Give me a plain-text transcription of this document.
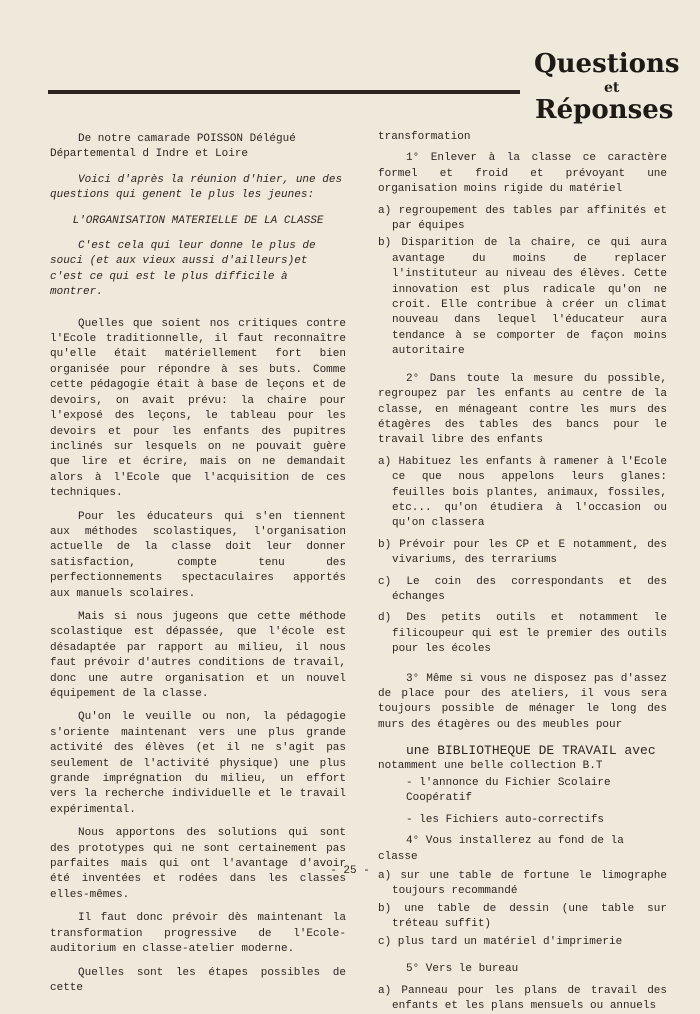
Questions
et
Réponses

De notre camarade POISSON Délégué Départemental d Indre et Loire

Voici d'après la réunion d'hier, une des questions qui genent le plus les jeunes:

L'ORGANISATION MATERIELLE DE LA CLASSE

C'est cela qui leur donne le plus de souci (et aux vieux aussi d'ailleurs)et c'est ce qui est le plus difficile à montrer.

Quelles que soient nos critiques contre l'Ecole traditionnelle, il faut reconnaître qu'elle était matériellement fort bien organisée pour répondre à ses buts. Comme cette pédagogie était à base de leçons et de devoirs, on avait prévu: la chaire pour l'exposé des leçons, le tableau pour les devoirs et pour les enfants des pupitres inclinés sur lesquels on ne pouvait guère que lire et écrire, mais on ne demandait alors à l'Ecole que l'acquisition de ces techniques.

Pour les éducateurs qui s'en tiennent aux méthodes scolastiques, l'organisation actuelle de la classe doit leur donner satisfaction, compte tenu des perfectionnements spectaculaires apportés aux manuels scolaires.

Mais si nous jugeons que cette méthode scolastique est dépassée, que l'école est désadaptée par rapport au milieu, il nous faut prévoir d'autres conditions de travail, donc une autre organisation et un nouvel équipement de la classe.

Qu'on le veuille ou non, la pédagogie s'oriente maintenant vers une plus grande activité des élèves (et il ne s'agit pas seulement de l'activité physique) une plus grande imprégnation du milieu, un effort vers la recherche individuelle et le travail expérimental.

Nous apportons des solutions qui sont des prototypes qui ne sont certainement pas parfaites mais qui ont l'avantage d'avoir été inventées et rodées dans les classes elles-mêmes.

Il faut donc prévoir dès maintenant la transformation progressive de l'Ecole-auditorium en classe-atelier moderne.

Quelles sont les étapes possibles de cette

transformation

1° Enlever à la classe ce caractère formel et froid et prévoyant une organisation moins rigide du matériel

a) regroupement des tables par affinités et par équipes

b) Disparition de la chaire, ce qui aura avantage du moins de replacer l'instituteur au niveau des élèves. Cette innovation est plus radicale qu'on ne croit. Elle contribue à créer un climat nouveau dans lequel l'éducateur aura tendance à se comporter de façon moins autoritaire

2° Dans toute la mesure du possible, regroupez par les enfants au centre de la classe, en ménageant contre les murs des étagères des tables des bancs pour le travail libre des enfants

a) Habituez les enfants à ramener à l'Ecole ce que nous appelons leurs glanes: feuilles bois plantes, animaux, fossiles, etc... qu'on étudiera à l'occasion ou qu'on classera

b) Prévoir pour les CP et E notamment, des vivariums, des terrariums

c) Le coin des correspondants et des échanges

d) Des petits outils et notamment le filicoupeur qui est le premier des outils pour les écoles

3° Même si vous ne disposez pas d'assez de place pour des ateliers, il vous sera toujours possible de ménager le long des murs des étagères ou des meubles pour

une BIBLIOTHEQUE DE TRAVAIL avec

notamment une belle collection B.T

- l'annonce du Fichier Scolaire Coopératif

- les Fichiers auto-correctifs

4° Vous installerez au fond de la classe

a) sur une table de fortune le limographe toujours recommandé

b) une table de dessin (une table sur tréteau suffit)

c) plus tard un matériel d'imprimerie

5° Vers le bureau

a) Panneau pour les plans de travail des enfants et les plans mensuels ou annuels

- 25 -
